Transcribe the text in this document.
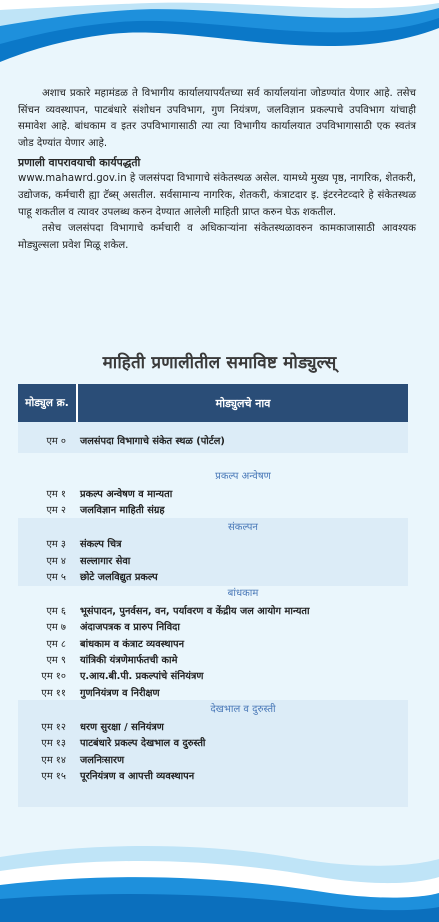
अशाच प्रकारे महामंडळ ते विभागीय कार्यालयापर्यंतच्या सर्व कार्यालयांना जोडण्यांत येणार आहे. तसेच सिंचन व्यवस्थापन, पाटबंधारे संशोधन उपविभाग, गुण नियंत्रण, जलविज्ञान प्रकल्पाचे उपविभाग यांचाही समावेश आहे. बांधकाम व इतर उपविभागासाठी त्या त्या विभागीय कार्यालयात उपविभागासाठी एक स्वतंत्र जोड देण्यांत येणार आहे.

प्रणाली वापरावयाची कार्यपद्धती

www.mahawrd.gov.in हे जलसंपदा विभागाचे संकेतस्थळ असेल. यामध्ये मुख्य पृष्ठ, नागरिक, शेतकरी, उद्योजक, कर्मचारी ह्या टॅब्स् असतील. सर्वसामान्य नागरिक, शेतकरी, कंत्राटदार इ. इंटरनेटव्दारे हे संकेतस्थळ पाहू शकतील व त्यावर उपलब्ध करुन देण्यात आलेली माहिती प्राप्त करुन घेऊ शकतील.

तसेच जलसंपदा विभागाचे कर्मचारी व अधिकाऱ्यांना संकेतस्थळावरुन कामकाजासाठी आवश्यक मोड्युल्सला प्रवेश मिळू शकेल.

माहिती प्रणालीतील समाविष्ट मोड्युल्स्
मोड्युल क्र.	मोड्युलचे नाव
एम ०	जलसंपदा विभागाचे संकेत स्थळ (पोर्टल)
प्रकल्प अन्वेषण
एम १	प्रकल्प अन्वेषण व मान्यता
एम २	जलविज्ञान माहिती संग्रह
संकल्पन
एम ३	संकल्प चित्र
एम ४	सल्लागार सेवा
एम ५	छोटे जलविद्युत प्रकल्प
बांधकाम
एम ६	भूसंपादन, पुनर्वसन, वन, पर्यावरण व केंद्रीय जल आयोग मान्यता
एम ७	अंदाजपत्रक व प्रारुप निविदा
एम ८	बांधकाम व कंत्राट व्यवस्थापन
एम ९	यांत्रिकी यंत्रणेमार्फतची कामे
एम १०	ए.आय.बी.पी. प्रकल्पांचे संनियंत्रण
एम ११	गुणनियंत्रण व निरीक्षण
देखभाल व दुरुस्ती
एम १२	धरण सुरक्षा / सनियंत्रण
एम १३	पाटबंधारे प्रकल्प देखभाल व दुरुस्ती
एम १४	जलनिःसारण
एम १५	पूरनियंत्रण व आपत्ती व्यवस्थापन
